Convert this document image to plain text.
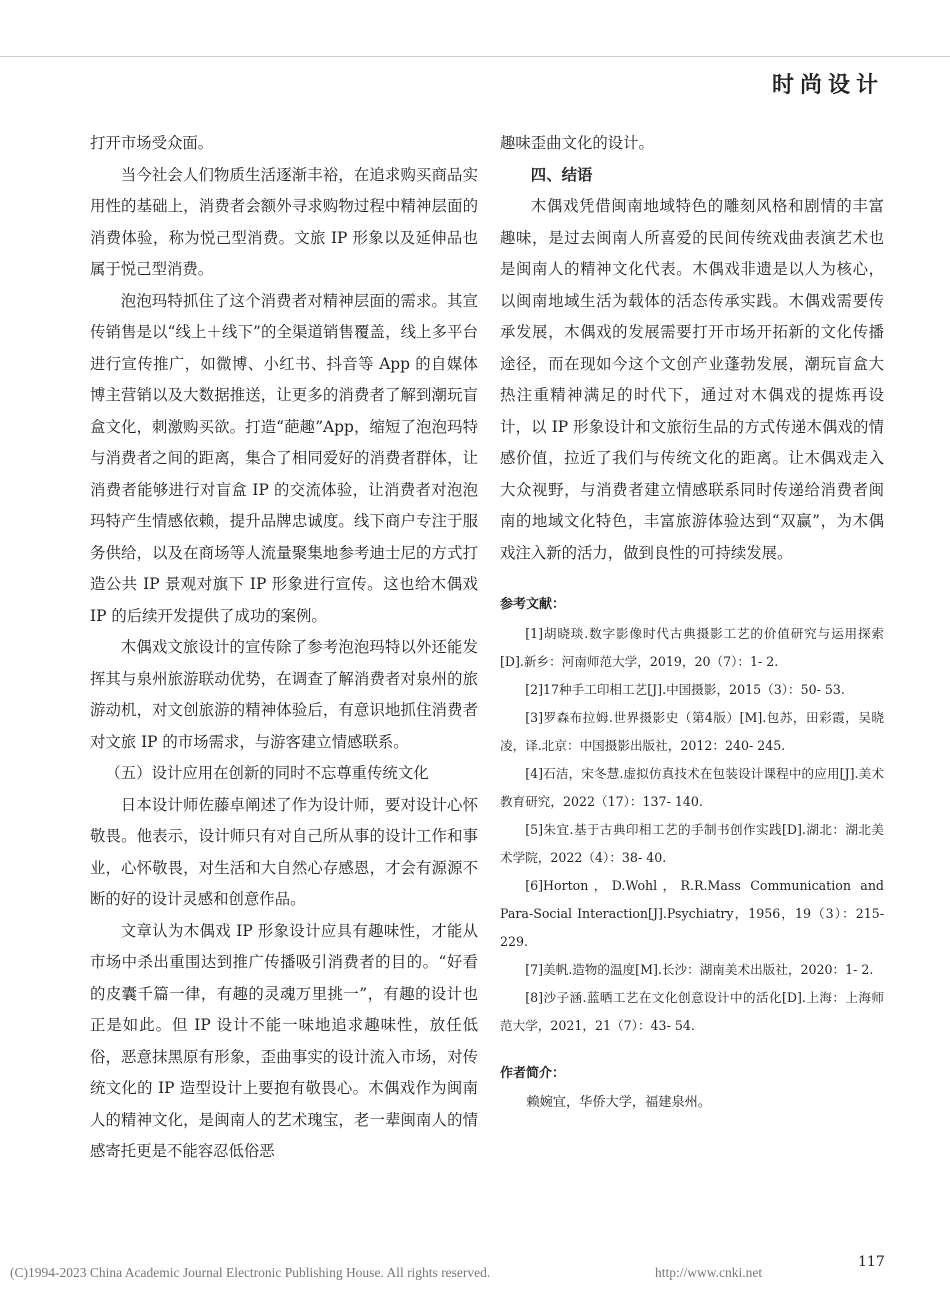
时尚设计

打开市场受众面。

当今社会人们物质生活逐渐丰裕，在追求购买商品实用性的基础上，消费者会额外寻求购物过程中精神层面的消费体验，称为悦己型消费。文旅 IP 形象以及延伸品也属于悦己型消费。

泡泡玛特抓住了这个消费者对精神层面的需求。其宣传销售是以“线上＋线下”的全渠道销售覆盖，线上多平台进行宣传推广，如微博、小红书、抖音等 App 的自媒体博主营销以及大数据推送，让更多的消费者了解到潮玩盲盒文化，刺激购买欲。打造“葩趣”App，缩短了泡泡玛特与消费者之间的距离，集合了相同爱好的消费者群体，让消费者能够进行对盲盒 IP 的交流体验，让消费者对泡泡玛特产生情感依赖，提升品牌忠诚度。线下商户专注于服务供给，以及在商场等人流量聚集地参考迪士尼的方式打造公共 IP 景观对旗下 IP 形象进行宣传。这也给木偶戏 IP 的后续开发提供了成功的案例。

木偶戏文旅设计的宣传除了参考泡泡玛特以外还能发挥其与泉州旅游联动优势，在调查了解消费者对泉州的旅游动机，对文创旅游的精神体验后，有意识地抓住消费者对文旅 IP 的市场需求，与游客建立情感联系。

（五）设计应用在创新的同时不忘尊重传统文化

日本设计师佐藤卓阐述了作为设计师，要对设计心怀敬畏。他表示，设计师只有对自己所从事的设计工作和事业，心怀敬畏，对生活和大自然心存感恩，才会有源源不断的好的设计灵感和创意作品。

文章认为木偶戏 IP 形象设计应具有趣味性，才能从市场中杀出重围达到推广传播吸引消费者的目的。“好看的皮囊千篇一律，有趣的灵魂万里挑一”，有趣的设计也正是如此。但 IP 设计不能一味地追求趣味性，放任低俗，恶意抹黑原有形象，歪曲事实的设计流入市场，对传统文化的 IP 造型设计上要抱有敬畏心。木偶戏作为闽南人的精神文化，是闽南人的艺术瑰宝，老一辈闽南人的情感寄托更是不能容忍低俗恶

趣味歪曲文化的设计。

四、结语

木偶戏凭借闽南地域特色的雕刻风格和剧情的丰富趣味，是过去闽南人所喜爱的民间传统戏曲表演艺术也是闽南人的精神文化代表。木偶戏非遗是以人为核心，以闽南地域生活为载体的活态传承实践。木偶戏需要传承发展，木偶戏的发展需要打开市场开拓新的文化传播途径，而在现如今这个文创产业蓬勃发展，潮玩盲盒大热注重精神满足的时代下，通过对木偶戏的提炼再设计，以 IP 形象设计和文旅衍生品的方式传递木偶戏的情感价值，拉近了我们与传统文化的距离。让木偶戏走入大众视野，与消费者建立情感联系同时传递给消费者闽南的地域文化特色，丰富旅游体验达到“双赢”，为木偶戏注入新的活力，做到良性的可持续发展。

参考文献：

[1]胡晓琰.数字影像时代古典摄影工艺的价值研究与运用探索[D].新乡：河南师范大学，2019，20（7）：1- 2.

[2]17种手工印相工艺[J].中国摄影，2015（3）：50- 53.

[3]罗森布拉姆.世界摄影史（第4版）[M].包苏，田彩霞，吴晓凌，译.北京：中国摄影出版社，2012：240- 245.

[4]石洁，宋冬慧.虚拟仿真技术在包装设计课程中的应用[J].美术教育研究，2022（17）：137- 140.

[5]朱宜.基于古典印相工艺的手制书创作实践[D].湖北：湖北美术学院，2022（4）：38- 40.

[6]Horton，D.Wohl，R.R.Mass Communication and Para-Social Interaction[J].Psychiatry，1956，19（3）：215- 229.

[7]美帆.造物的温度[M].长沙：湖南美术出版社，2020：1- 2.

[8]沙子涵.蓝晒工艺在文化创意设计中的活化[D].上海：上海师范大学，2021，21（7）：43- 54.

作者简介：

赖婉宜，华侨大学，福建泉州。

117
(C)1994-2023 China Academic Journal Electronic Publishing House. All rights reserved.	http://www.cnki.net
